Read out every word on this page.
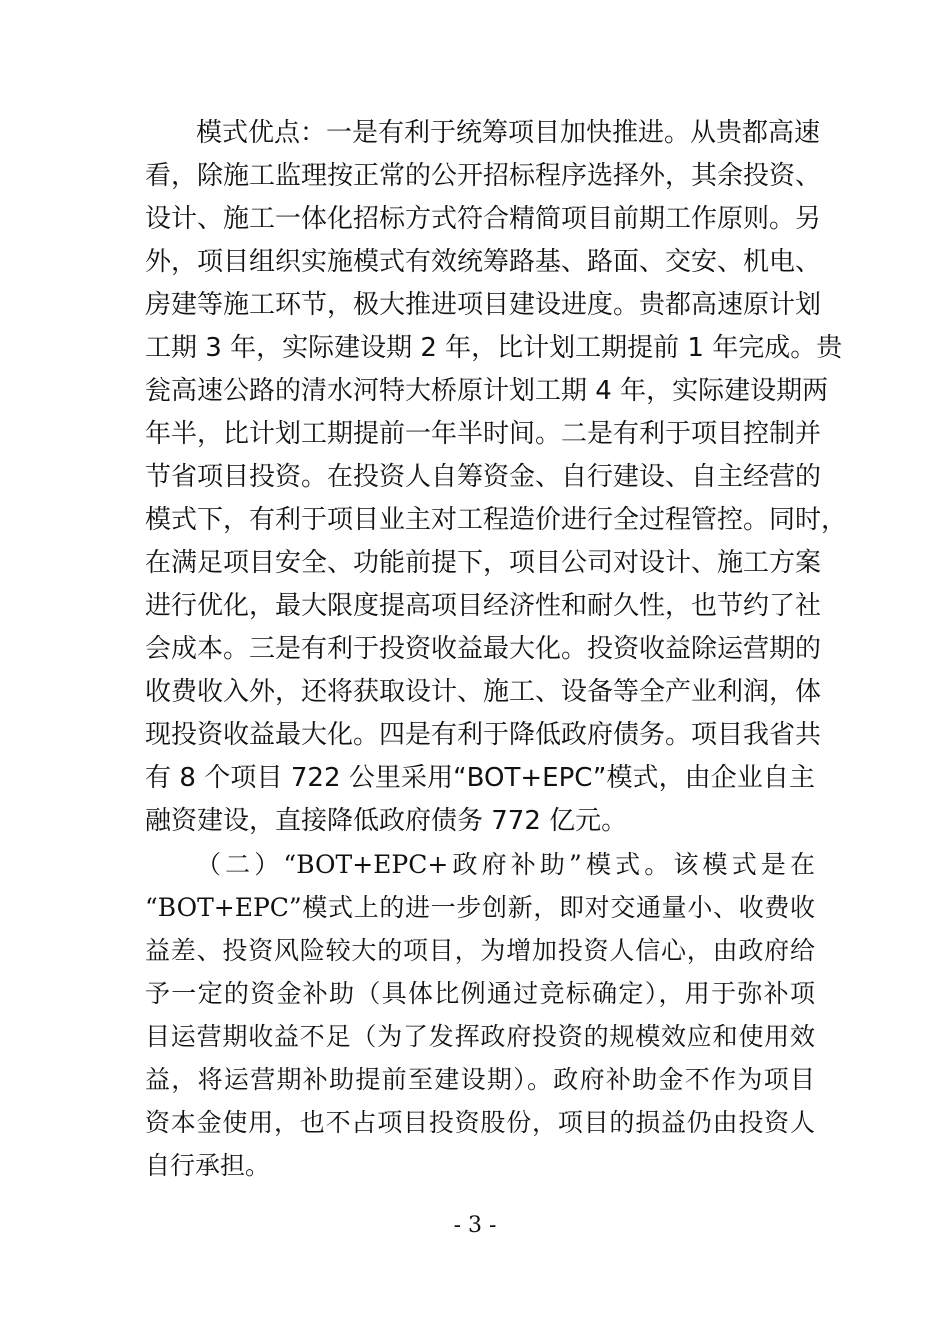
模式优点：一是有利于统筹项目加快推进。从贵都高速
看，除施工监理按正常的公开招标程序选择外，其余投资、
设计、施工一体化招标方式符合精简项目前期工作原则。另
外，项目组织实施模式有效统筹路基、路面、交安、机电、
房建等施工环节，极大推进项目建设进度。贵都高速原计划
工期 3 年，实际建设期 2 年，比计划工期提前 1 年完成。贵
瓮高速公路的清水河特大桥原计划工期 4 年，实际建设期两
年半，比计划工期提前一年半时间。二是有利于项目控制并
节省项目投资。在投资人自筹资金、自行建设、自主经营的
模式下，有利于项目业主对工程造价进行全过程管控。同时，
在满足项目安全、功能前提下，项目公司对设计、施工方案
进行优化，最大限度提高项目经济性和耐久性，也节约了社
会成本。三是有利于投资收益最大化。投资收益除运营期的
收费收入外，还将获取设计、施工、设备等全产业利润，体
现投资收益最大化。四是有利于降低政府债务。项目我省共
有 8 个项目 722 公里采用“BOT+EPC”模式，由企业自主
融资建设，直接降低政府债务 772 亿元。
（二）“BOT+EPC+政府补助”模式。该模式是在
“BOT+EPC”模式上的进一步创新，即对交通量小、收费收
益差、投资风险较大的项目，为增加投资人信心，由政府给
予一定的资金补助（具体比例通过竞标确定），用于弥补项
目运营期收益不足（为了发挥政府投资的规模效应和使用效
益，将运营期补助提前至建设期）。政府补助金不作为项目
资本金使用，也不占项目投资股份，项目的损益仍由投资人
自行承担。
- 3 -
